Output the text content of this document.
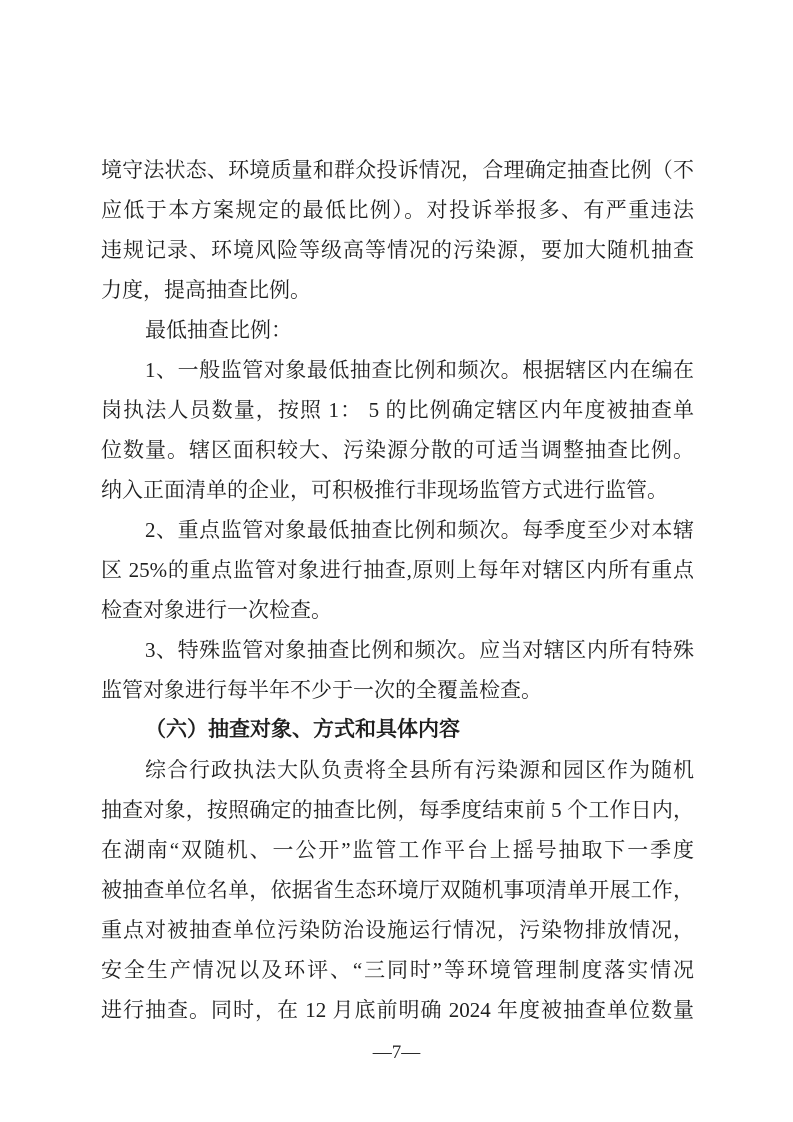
境守法状态、环境质量和群众投诉情况，合理确定抽查比例（不
应低于本方案规定的最低比例）。对投诉举报多、有严重违法
违规记录、环境风险等级高等情况的污染源，要加大随机抽查
力度，提高抽查比例。
最低抽查比例：
1、一般监管对象最低抽查比例和频次。根据辖区内在编在
岗执法人员数量，按照 1： 5 的比例确定辖区内年度被抽查单
位数量。辖区面积较大、污染源分散的可适当调整抽查比例。
纳入正面清单的企业，可积极推行非现场监管方式进行监管。
2、重点监管对象最低抽查比例和频次。每季度至少对本辖
区 25%的重点监管对象进行抽查,原则上每年对辖区内所有重点
检查对象进行一次检查。
3、特殊监管对象抽查比例和频次。应当对辖区内所有特殊
监管对象进行每半年不少于一次的全覆盖检查。
（六）抽查对象、方式和具体内容
综合行政执法大队负责将全县所有污染源和园区作为随机
抽查对象，按照确定的抽查比例，每季度结束前 5 个工作日内，
在湖南“双随机、一公开”监管工作平台上摇号抽取下一季度
被抽查单位名单，依据省生态环境厅双随机事项清单开展工作，
重点对被抽查单位污染防治设施运行情况，污染物排放情况，
安全生产情况以及环评、“三同时”等环境管理制度落实情况
进行抽查。同时，在 12 月底前明确 2024 年度被抽查单位数量
—7—
